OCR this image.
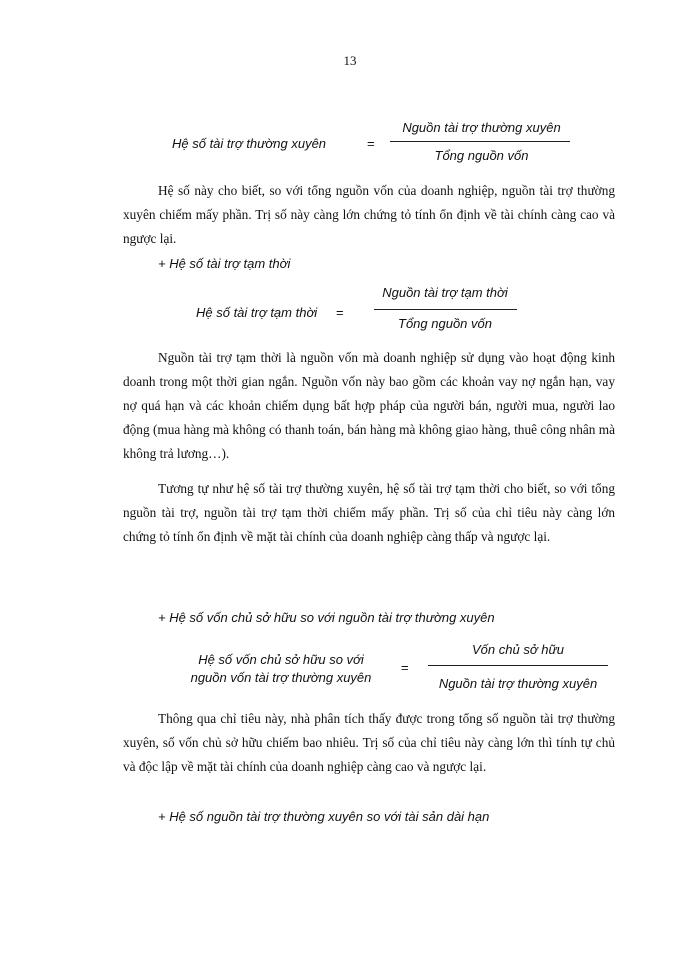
13
Hệ số tài trợ thường xuyên	=
Nguồn tài trợ thường xuyên
Tổng nguồn vốn

Hệ số này cho biết, so với tổng nguồn vốn của doanh nghiệp, nguồn tài trợ thường xuyên chiếm mấy phần. Trị số này càng lớn chứng tỏ tính ổn định về tài chính càng cao và ngược lại.

+ Hệ số tài trợ tạm thời
Hệ số tài trợ tạm thời =
Nguồn tài trợ tạm thời
Tổng nguồn vốn

Nguồn tài trợ tạm thời là nguồn vốn mà doanh nghiệp sử dụng vào hoạt động kinh doanh trong một thời gian ngắn. Nguồn vốn này bao gồm các khoản vay nợ ngắn hạn, vay nợ quá hạn và các khoản chiếm dụng bất hợp pháp của người bán, người mua, người lao động (mua hàng mà không có thanh toán, bán hàng mà không giao hàng, thuê công nhân mà không trả lương…).

Tương tự như hệ số tài trợ thường xuyên, hệ số tài trợ tạm thời cho biết, so với tổng nguồn tài trợ, nguồn tài trợ tạm thời chiếm mấy phần. Trị số của chỉ tiêu này càng lớn chứng tỏ tính ổn định về mặt tài chính của doanh nghiệp càng thấp và ngược lại.

+ Hệ số vốn chủ sở hữu so với nguồn tài trợ thường xuyên
Hệ số vốn chủ sở hữu so với
nguồn vốn tài trợ thường xuyên
=
Vốn chủ sở hữu
Nguồn tài trợ thường xuyên

Thông qua chỉ tiêu này, nhà phân tích thấy được trong tổng số nguồn tài trợ thường xuyên, số vốn chủ sở hữu chiếm bao nhiêu. Trị số của chỉ tiêu này càng lớn thì tính tự chủ và độc lập về mặt tài chính của doanh nghiệp càng cao và ngược lại.

+ Hệ số nguồn tài trợ thường xuyên so với tài sản dài hạn
